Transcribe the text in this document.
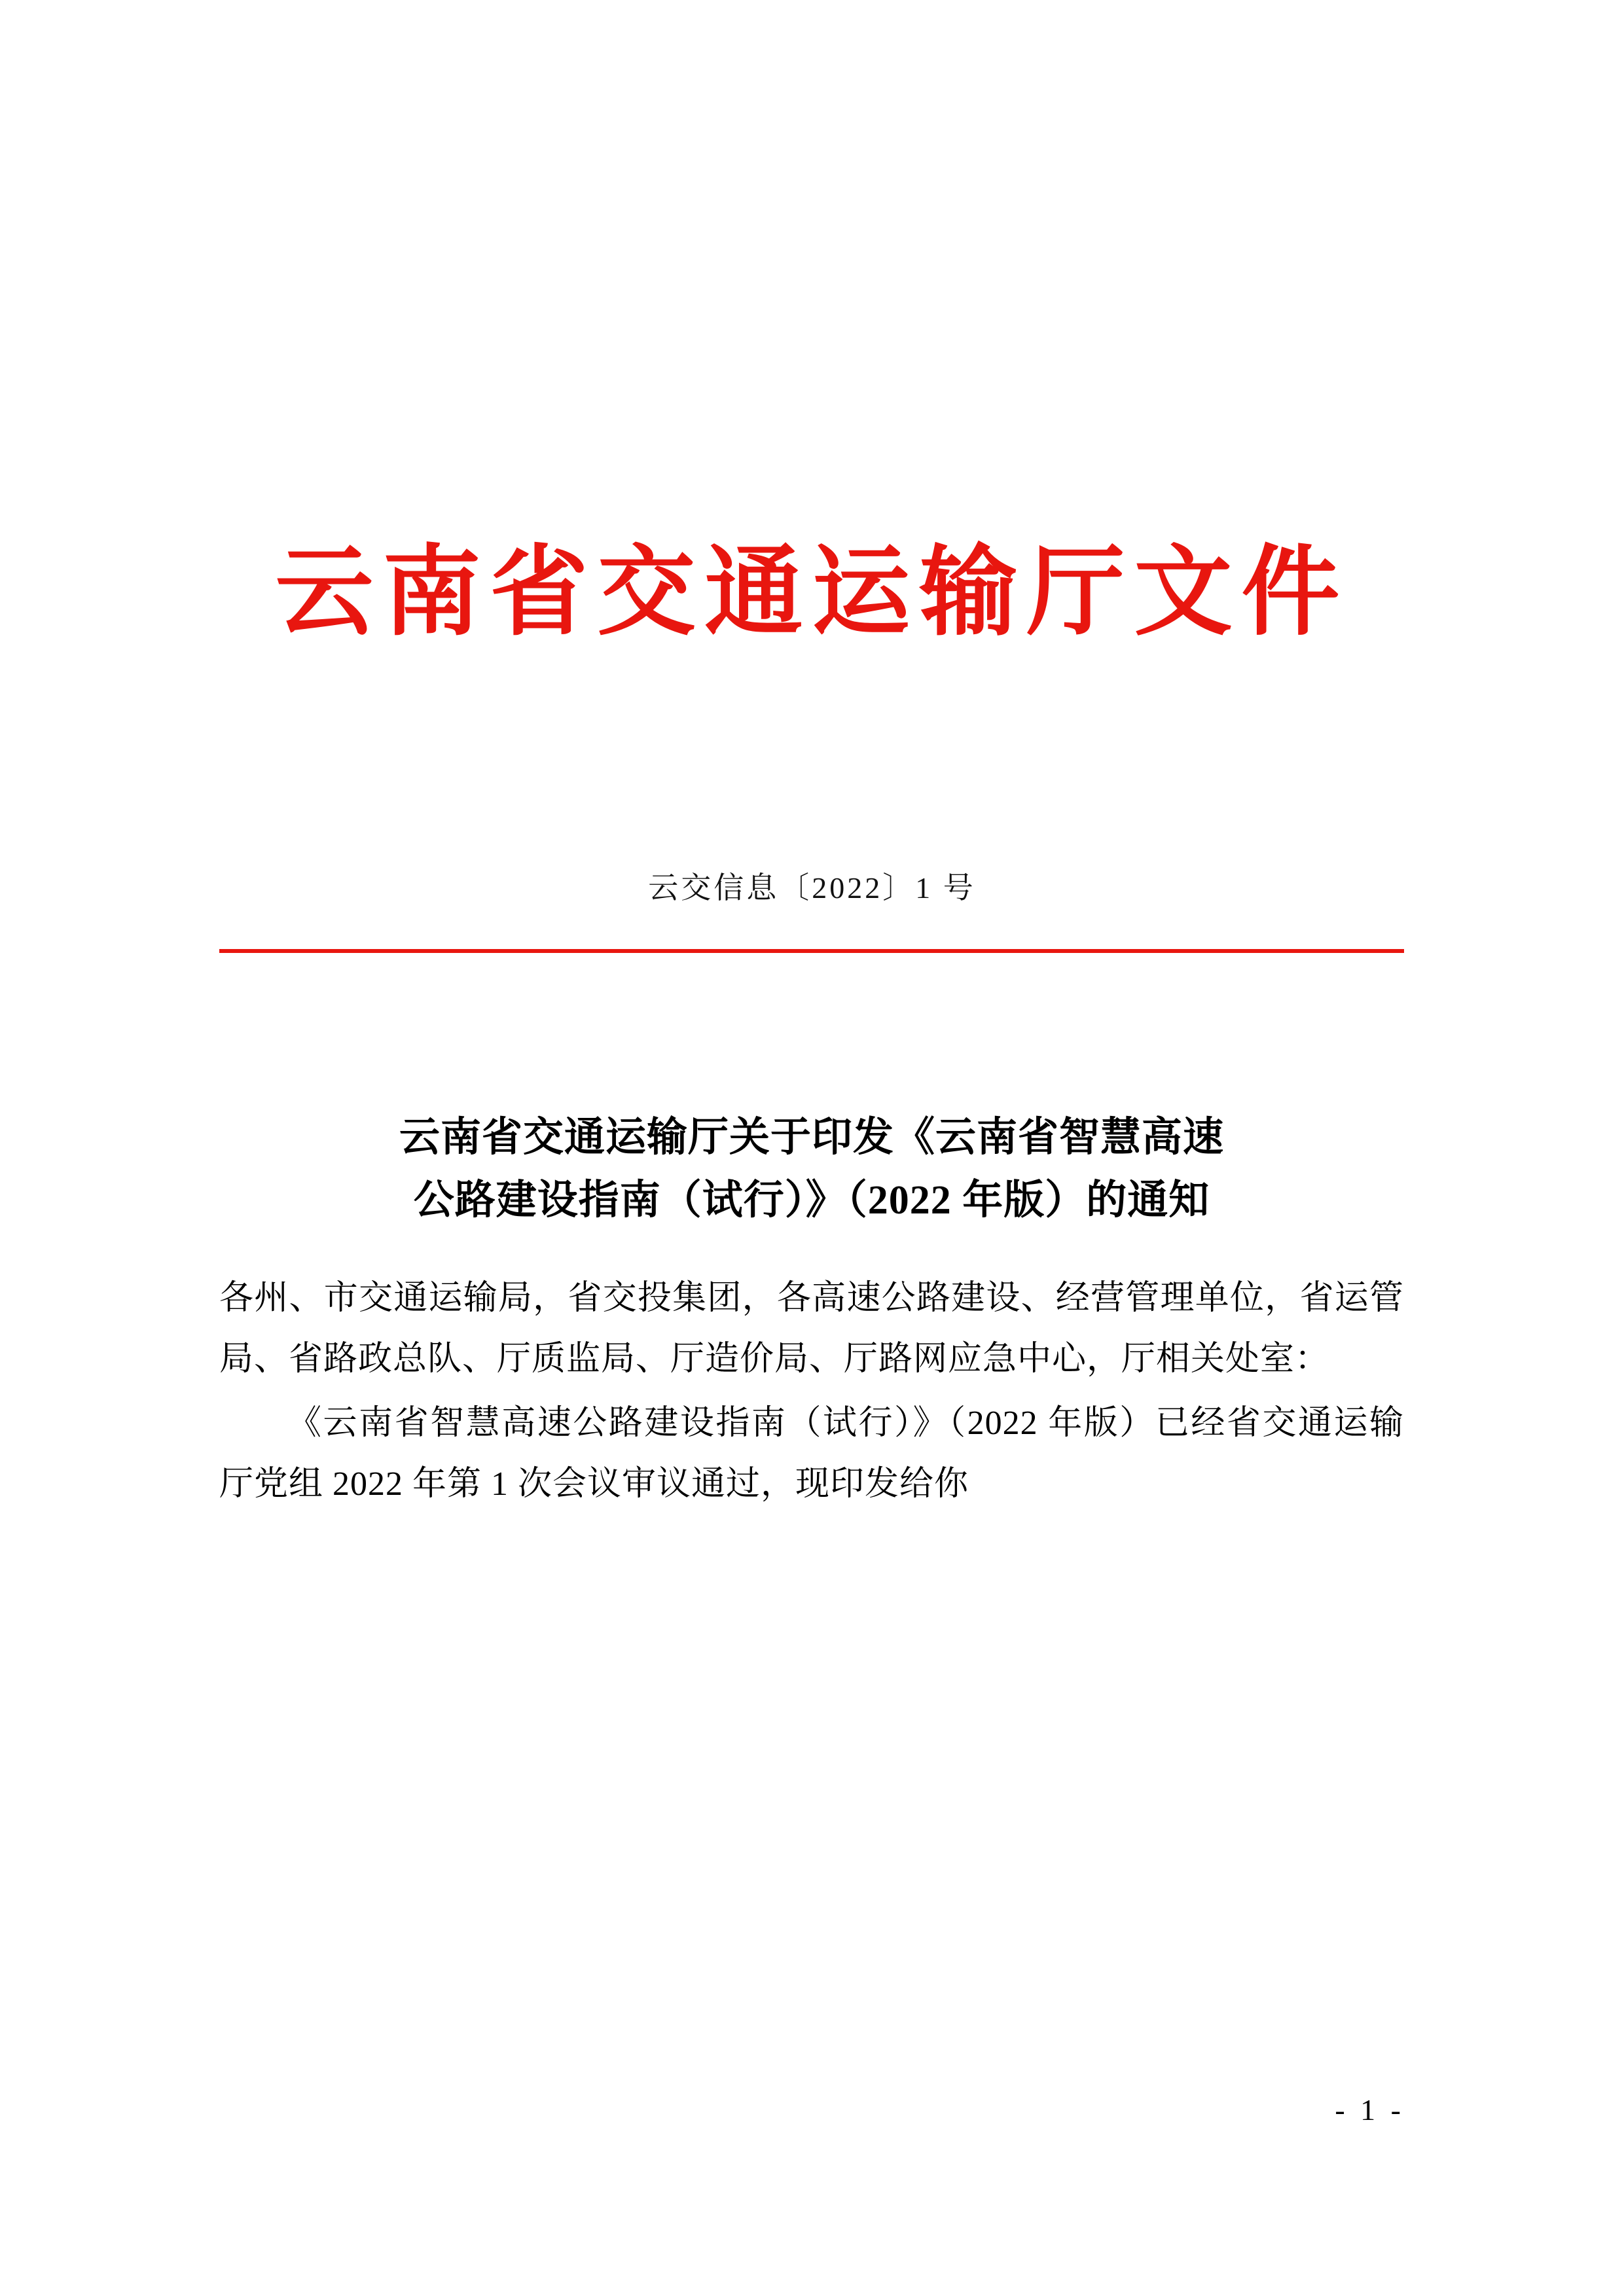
云南省交通运输厅文件
云交信息〔2022〕1 号
云南省交通运输厅关于印发《云南省智慧高速
公路建设指南（试行）》（2022 年版）的通知

各州、市交通运输局，省交投集团，各高速公路建设、经营管理单位，省运管局、省路政总队、厅质监局、厅造价局、厅路网应急中心，厅相关处室：

《云南省智慧高速公路建设指南（试行）》（2022 年版）已经省交通运输厅党组 2022 年第 1 次会议审议通过，现印发给你

- 1 -
